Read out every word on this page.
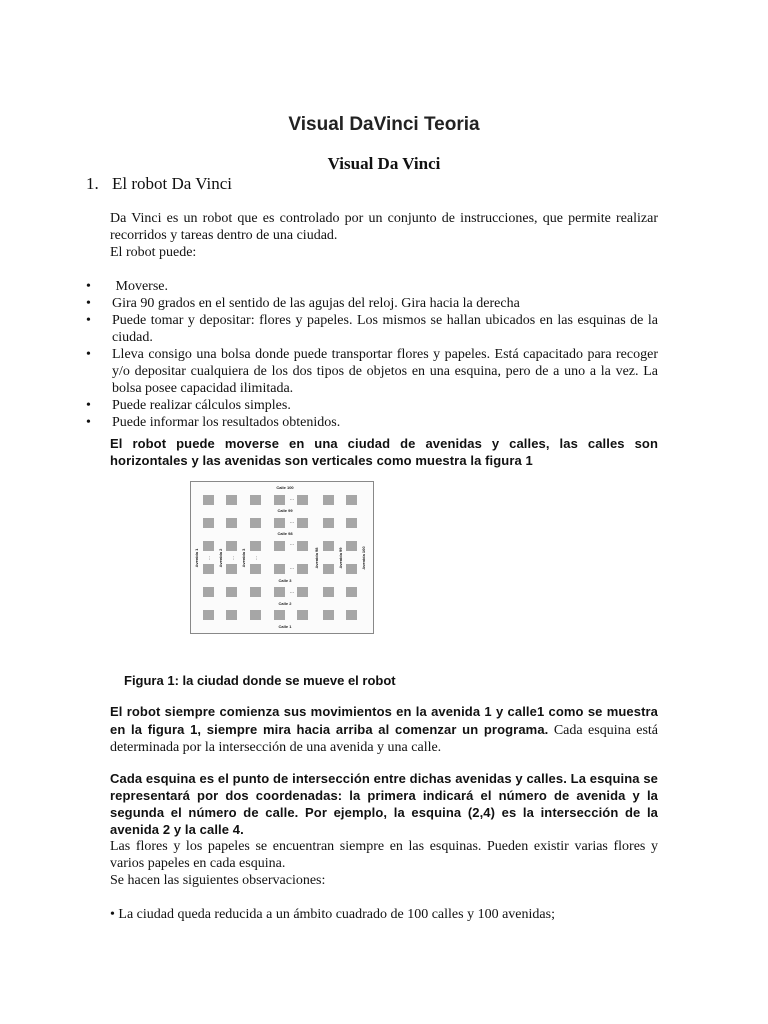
Visual DaVinci Teoria
Visual Da Vinci
1. El robot Da Vinci
Da Vinci es un robot que es controlado por un conjunto de instrucciones, que permite realizar recorridos y tareas dentro de una ciudad.
El robot puede:
• Moverse.
• Gira 90 grados en el sentido de las agujas del reloj. Gira hacia la derecha
• Puede tomar y depositar: flores y papeles. Los mismos se hallan ubicados en las esquinas de la ciudad.
• Lleva consigo una bolsa donde puede transportar flores y papeles. Está capacitado para recoger y/o depositar cualquiera de los dos tipos de objetos en una esquina, pero de a uno a la vez. La bolsa posee capacidad ilimitada.
• Puede realizar cálculos simples.
• Puede informar los resultados obtenidos.
El robot puede moverse en una ciudad de avenidas y calles, las calles son horizontales y las avenidas son verticales como muestra la figura 1
Calle 100
Calle 99
Calle 98
Calle 3
Calle 2
Calle 1
Avenida 1	Avenida 2	Avenida 3	Avenida 98	Avenida 99	Avenida 100
...
...
...
...
...
...	...	...
Figura 1: la ciudad donde se mueve el robot
El robot siempre comienza sus movimientos en la avenida 1 y calle1 como se muestra en la figura 1, siempre mira hacia arriba al comenzar un programa. Cada esquina está determinada por la intersección de una avenida y una calle.
Cada esquina es el punto de intersección entre dichas avenidas y calles. La esquina se representará por dos coordenadas: la primera indicará el número de avenida y la segunda el número de calle. Por ejemplo, la esquina (2,4) es la intersección de la avenida 2 y la calle 4.
Las flores y los papeles se encuentran siempre en las esquinas. Pueden existir varias flores y varios papeles en cada esquina.
Se hacen las siguientes observaciones:
• La ciudad queda reducida a un ámbito cuadrado de 100 calles y 100 avenidas;
